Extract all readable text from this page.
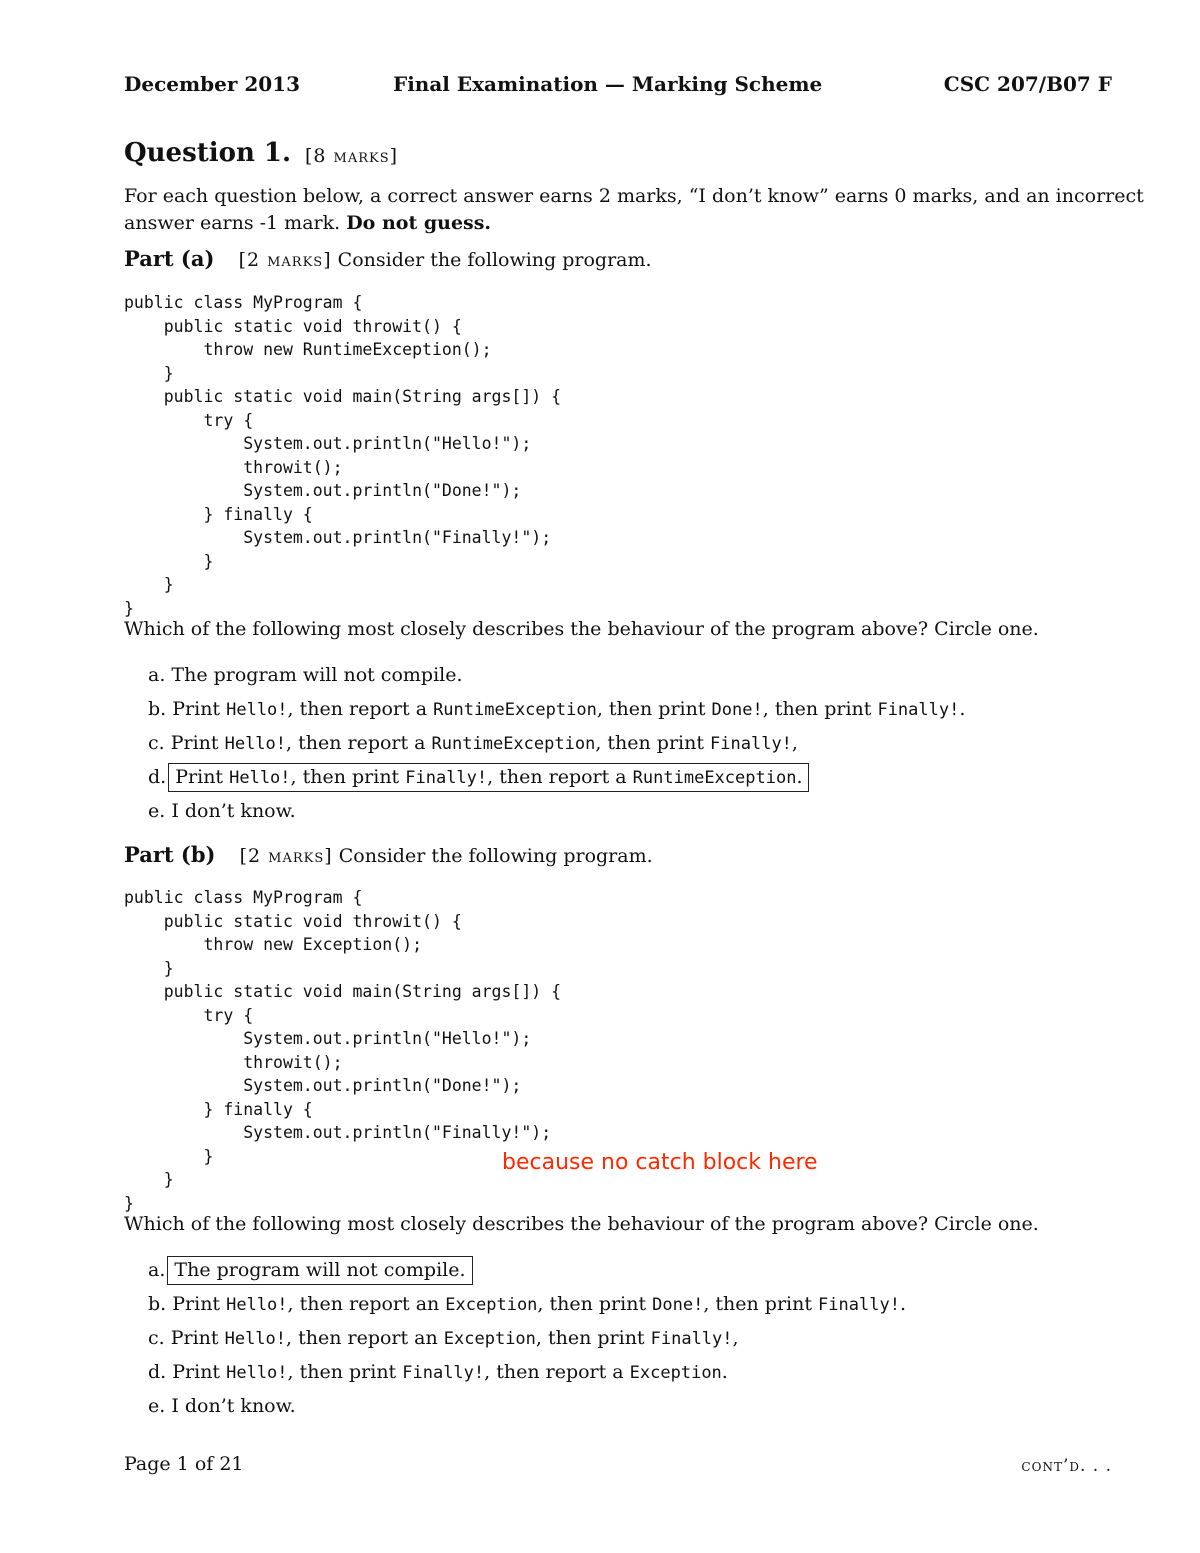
December 2013	Final Examination — Marking Scheme	CSC 207/B07 F
Question 1. [8 marks]
For each question below, a correct answer earns 2 marks, “I don’t know” earns 0 marks, and an incorrect
answer earns -1 mark. Do not guess.
Part (a) [2 marks] Consider the following program.
public class MyProgram {
public static void throwit() {
throw new RuntimeException();
}
public static void main(String args[]) {
try {
System.out.println("Hello!");
throwit();
System.out.println("Done!");
} finally {
System.out.println("Finally!");
}
}
}
Which of the following most closely describes the behaviour of the program above? Circle one.
a. The program will not compile.
b. Print Hello!, then report a RuntimeException, then print Done!, then print Finally!.
c. Print Hello!, then report a RuntimeException, then print Finally!,
d. Print Hello!, then print Finally!, then report a RuntimeException.
e. I don’t know.
Part (b) [2 marks] Consider the following program.
public class MyProgram {
public static void throwit() {
throw new Exception();
}
public static void main(String args[]) {
try {
System.out.println("Hello!");
throwit();
System.out.println("Done!");
} finally {
System.out.println("Finally!");
}
}
}
because no catch block here
Which of the following most closely describes the behaviour of the program above? Circle one.
a. The program will not compile.
b. Print Hello!, then report an Exception, then print Done!, then print Finally!.
c. Print Hello!, then report an Exception, then print Finally!,
d. Print Hello!, then print Finally!, then report a Exception.
e. I don’t know.
Page 1 of 21	cont’d. . .
